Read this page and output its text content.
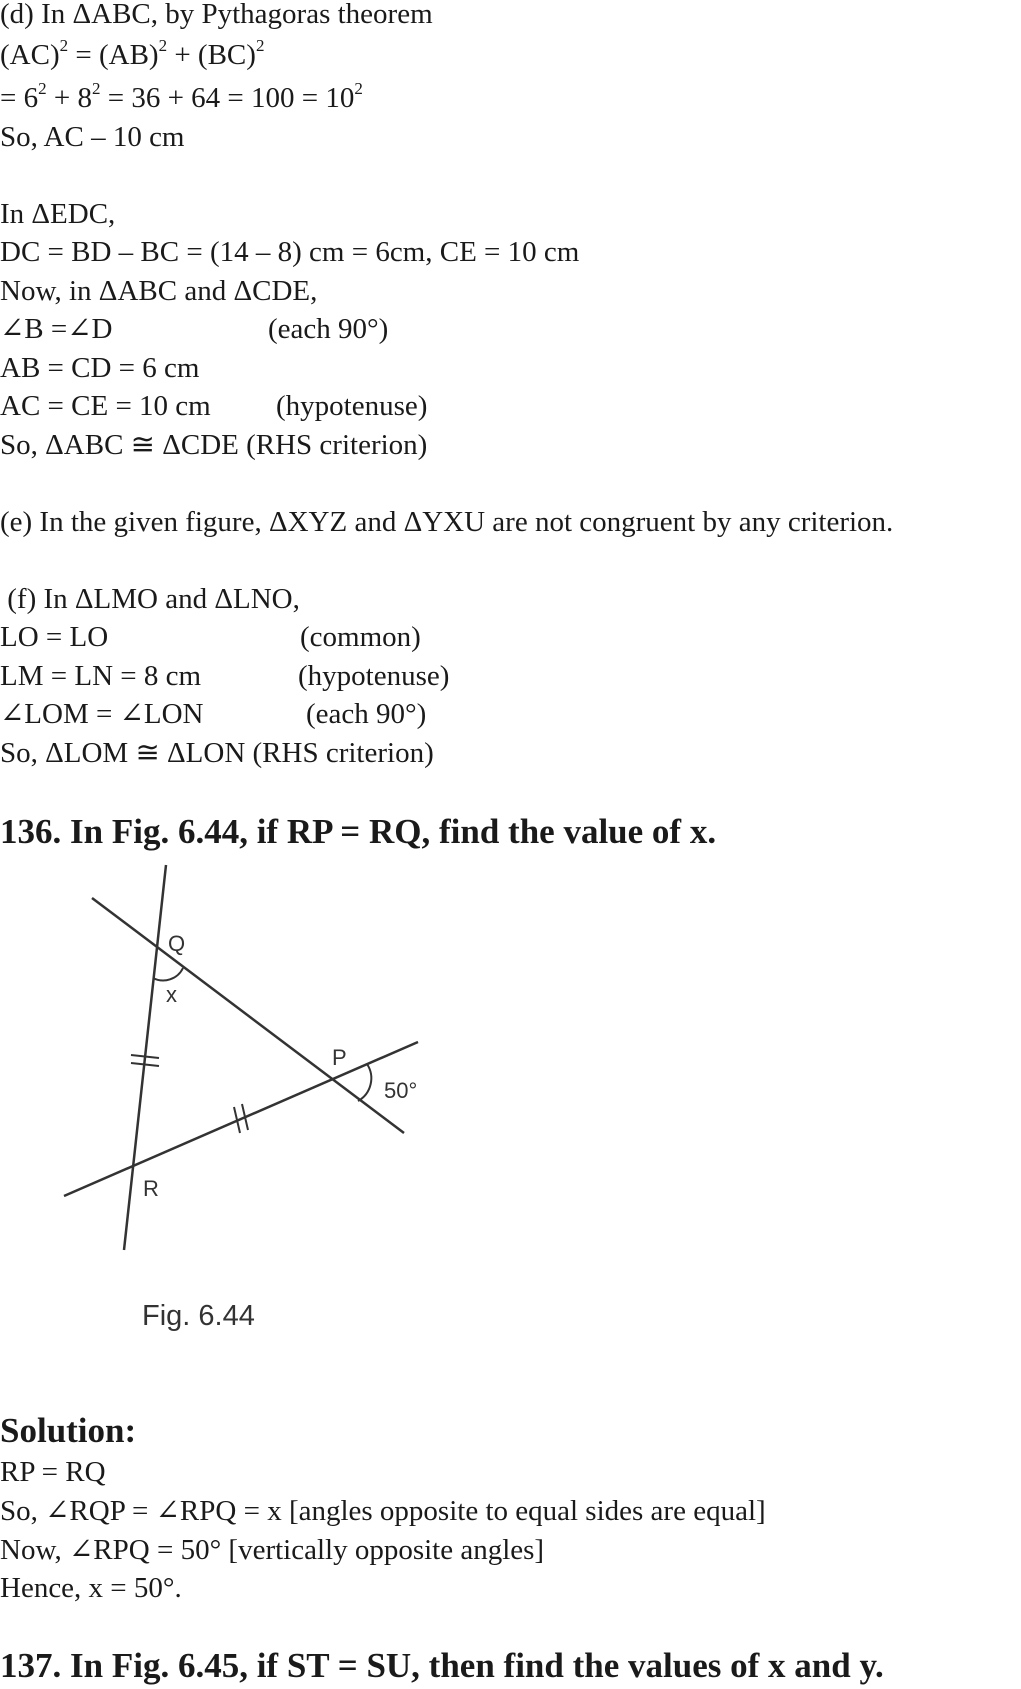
(d) In ΔABC, by Pythagoras theorem
(AC)$^2$ = (AB)$^2$ + (BC)$^2$
= $6^2 + 8^2 = 36 + 64 = 100 = 10^2$
So, AC – 10 cm
In ΔEDC,
DC = BD – BC = (14 – 8) cm = 6cm, CE = 10 cm
Now, in ΔABC and ΔCDE,
∠B =∠D	(each 90°)
AB = CD = 6 cm
AC = CE = 10 cm (hypotenuse)
So, ΔABC ≅ ΔCDE (RHS criterion)
(e) In the given figure, ΔXYZ and ΔYXU are not congruent by any criterion.
(f) In ΔLMO and ΔLNO,
LO = LO	(common)
LM = LN = 8 cm	(hypotenuse)
∠LOM = ∠LON	(each 90°)
So, ΔLOM ≅ ΔLON (RHS criterion)
136. In Fig. 6.44, if RP = RQ, find the value of x.
Q
P
R
x
50°
Fig. 6.44
Solution:
RP = RQ
So, ∠RQP = ∠RPQ = x [angles opposite to equal sides are equal]
Now, ∠RPQ = 50° [vertically opposite angles]
Hence, x = 50°.
137. In Fig. 6.45, if ST = SU, then find the values of x and y.
